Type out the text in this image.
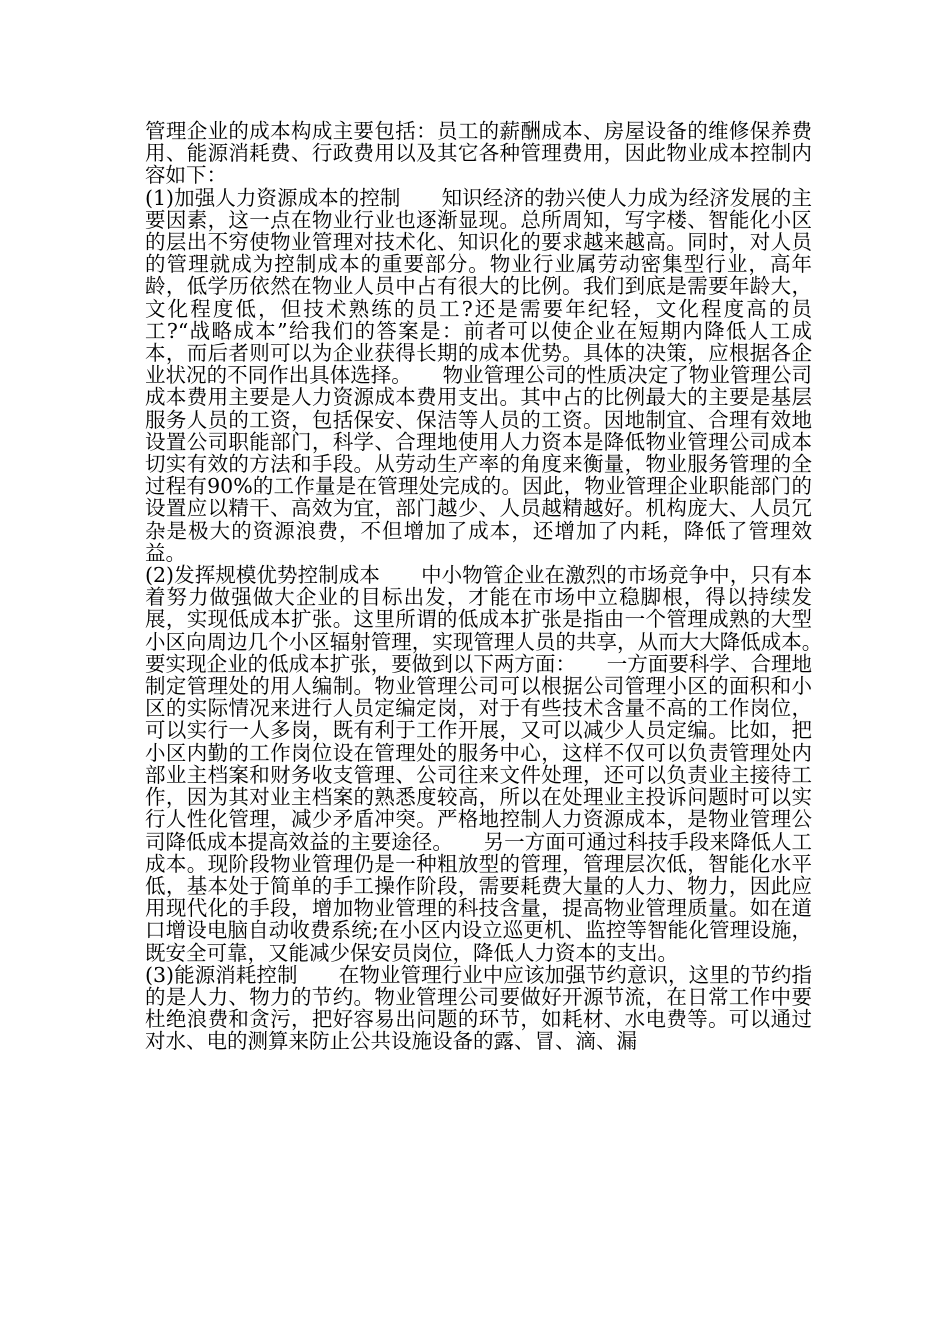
管理企业的成本构成主要包括：员工的薪酬成本、房屋设备的维修保养费用、能源消耗费、行政费用以及其它各种管理费用，因此物业成本控制内容如下：

(1)加强人力资源成本的控制　　知识经济的勃兴使人力成为经济发展的主要因素，这一点在物业行业也逐渐显现。总所周知，写字楼、智能化小区的层出不穷使物业管理对技术化、知识化的要求越来越高。同时，对人员的管理就成为控制成本的重要部分。物业行业属劳动密集型行业，高年龄，低学历依然在物业人员中占有很大的比例。我们到底是需要年龄大，文化程度低，但技术熟练的员工?还是需要年纪轻，文化程度高的员工?“战略成本”给我们的答案是：前者可以使企业在短期内降低人工成本，而后者则可以为企业获得长期的成本优势。具体的决策，应根据各企业状况的不同作出具体选择。　　物业管理公司的性质决定了物业管理公司成本费用主要是人力资源成本费用支出。其中占的比例最大的主要是基层服务人员的工资，包括保安、保洁等人员的工资。因地制宜、合理有效地设置公司职能部门，科学、合理地使用人力资本是降低物业管理公司成本切实有效的方法和手段。从劳动生产率的角度来衡量，物业服务管理的全过程有90%的工作量是在管理处完成的。因此，物业管理企业职能部门的设置应以精干、高效为宜，部门越少、人员越精越好。机构庞大、人员冗杂是极大的资源浪费，不但增加了成本，还增加了内耗，降低了管理效益。

(2)发挥规模优势控制成本　　中小物管企业在激烈的市场竞争中，只有本着努力做强做大企业的目标出发，才能在市场中立稳脚根，得以持续发展，实现低成本扩张。这里所谓的低成本扩张是指由一个管理成熟的大型小区向周边几个小区辐射管理，实现管理人员的共享，从而大大降低成本。　　要实现企业的低成本扩张，要做到以下两方面：　　一方面要科学、合理地制定管理处的用人编制。物业管理公司可以根据公司管理小区的面积和小区的实际情况来进行人员定编定岗，对于有些技术含量不高的工作岗位，可以实行一人多岗，既有利于工作开展，又可以减少人员定编。比如，把小区内勤的工作岗位设在管理处的服务中心，这样不仅可以负责管理处内部业主档案和财务收支管理、公司往来文件处理，还可以负责业主接待工作，因为其对业主档案的熟悉度较高，所以在处理业主投诉问题时可以实行人性化管理，减少矛盾冲突。严格地控制人力资源成本，是物业管理公司降低成本提高效益的主要途径。　　另一方面可通过科技手段来降低人工成本。现阶段物业管理仍是一种粗放型的管理，管理层次低，智能化水平低，基本处于简单的手工操作阶段，需要耗费大量的人力、物力，因此应用现代化的手段，增加物业管理的科技含量，提高物业管理质量。如在道口增设电脑自动收费系统;在小区内设立巡更机、监控等智能化管理设施，既安全可靠，又能减少保安员岗位，降低人力资本的支出。

(3)能源消耗控制　　在物业管理行业中应该加强节约意识，这里的节约指的是人力、物力的节约。物业管理公司要做好开源节流，在日常工作中要杜绝浪费和贪污，把好容易出问题的环节，如耗材、水电费等。可以通过对水、电的测算来防止公共设施设备的露、冒、滴、漏
